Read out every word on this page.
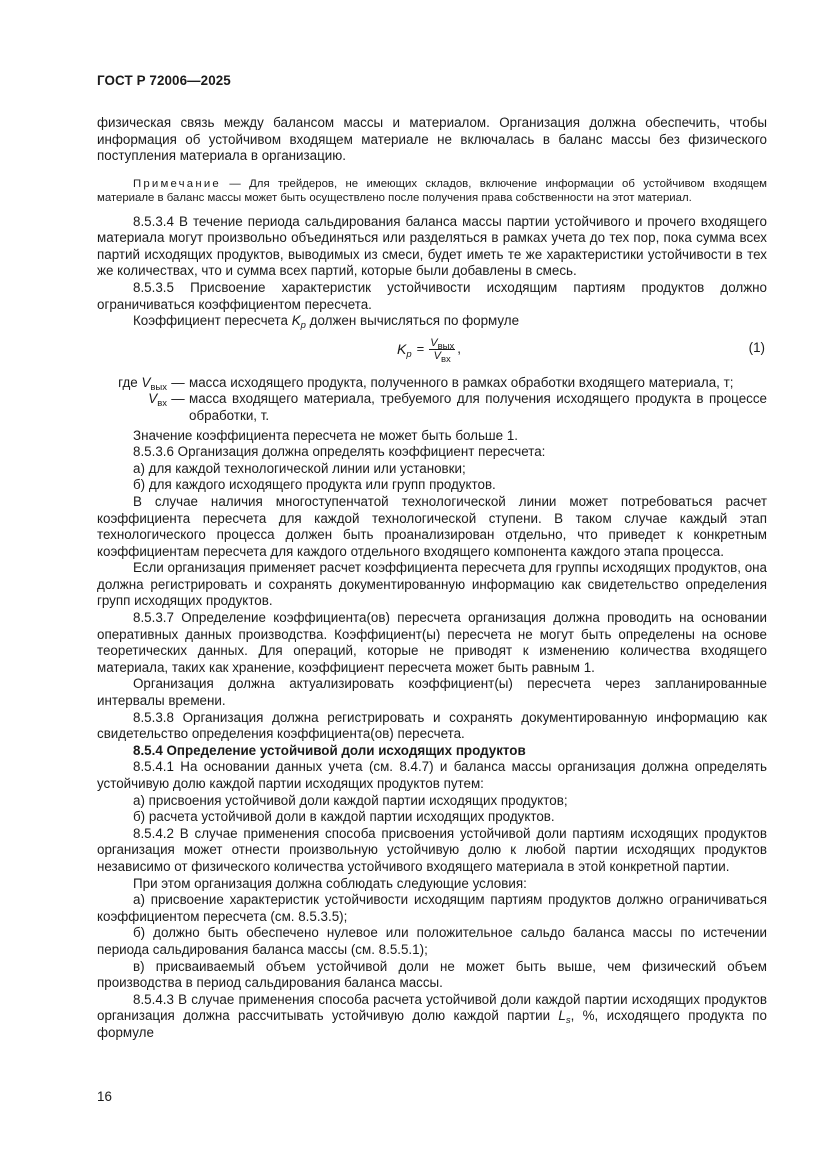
ГОСТ Р 72006—2025

физическая связь между балансом массы и материалом. Организация должна обеспечить, чтобы информация об устойчивом входящем материале не включалась в баланс массы без физического поступления материала в организацию.

Примечание — Для трейдеров, не имеющих складов, включение информации об устойчивом входящем материале в баланс массы может быть осуществлено после получения права собственности на этот материал.

8.5.3.4 В течение периода сальдирования баланса массы партии устойчивого и прочего входящего материала могут произвольно объединяться или разделяться в рамках учета до тех пор, пока сумма всех партий исходящих продуктов, выводимых из смеси, будет иметь те же характеристики устойчивости в тех же количествах, что и сумма всех партий, которые были добавлены в смесь.

8.5.3.5 Присвоение характеристик устойчивости исходящим партиям продуктов должно ограничиваться коэффициентом пересчета.

Коэффициент пересчета $K_p$ должен вычисляться по формуле

$K_p = \frac{V_{вых}}{V_{вх}}$ ,	(1)
где $V_{вых}$ — масса исходящего продукта, полученного в рамках обработки входящего материала, т;
$V_{вх}$ — масса входящего материала, требуемого для получения исходящего продукта в процессе обработки, т.

Значение коэффициента пересчета не может быть больше 1.

8.5.3.6 Организация должна определять коэффициент пересчета:

а) для каждой технологической линии или установки;

б) для каждого исходящего продукта или групп продуктов.

В случае наличия многоступенчатой технологической линии может потребоваться расчет коэффициента пересчета для каждой технологической ступени. В таком случае каждый этап технологического процесса должен быть проанализирован отдельно, что приведет к конкретным коэффициентам пересчета для каждого отдельного входящего компонента каждого этапа процесса.

Если организация применяет расчет коэффициента пересчета для группы исходящих продуктов, она должна регистрировать и сохранять документированную информацию как свидетельство определения групп исходящих продуктов.

8.5.3.7 Определение коэффициента(ов) пересчета организация должна проводить на основании оперативных данных производства. Коэффициент(ы) пересчета не могут быть определены на основе теоретических данных. Для операций, которые не приводят к изменению количества входящего материала, таких как хранение, коэффициент пересчета может быть равным 1.

Организация должна актуализировать коэффициент(ы) пересчета через запланированные интервалы времени.

8.5.3.8 Организация должна регистрировать и сохранять документированную информацию как свидетельство определения коэффициента(ов) пересчета.

8.5.4 Определение устойчивой доли исходящих продуктов

8.5.4.1 На основании данных учета (см. 8.4.7) и баланса массы организация должна определять устойчивую долю каждой партии исходящих продуктов путем:

а) присвоения устойчивой доли каждой партии исходящих продуктов;

б) расчета устойчивой доли в каждой партии исходящих продуктов.

8.5.4.2 В случае применения способа присвоения устойчивой доли партиям исходящих продуктов организация может отнести произвольную устойчивую долю к любой партии исходящих продуктов независимо от физического количества устойчивого входящего материала в этой конкретной партии.

При этом организация должна соблюдать следующие условия:

а) присвоение характеристик устойчивости исходящим партиям продуктов должно ограничиваться коэффициентом пересчета (см. 8.5.3.5);

б) должно быть обеспечено нулевое или положительное сальдо баланса массы по истечении периода сальдирования баланса массы (см. 8.5.5.1);

в) присваиваемый объем устойчивой доли не может быть выше, чем физический объем производства в период сальдирования баланса массы.

8.5.4.3 В случае применения способа расчета устойчивой доли каждой партии исходящих продуктов организация должна рассчитывать устойчивую долю каждой партии $L_s$, %, исходящего продукта по формуле

16
